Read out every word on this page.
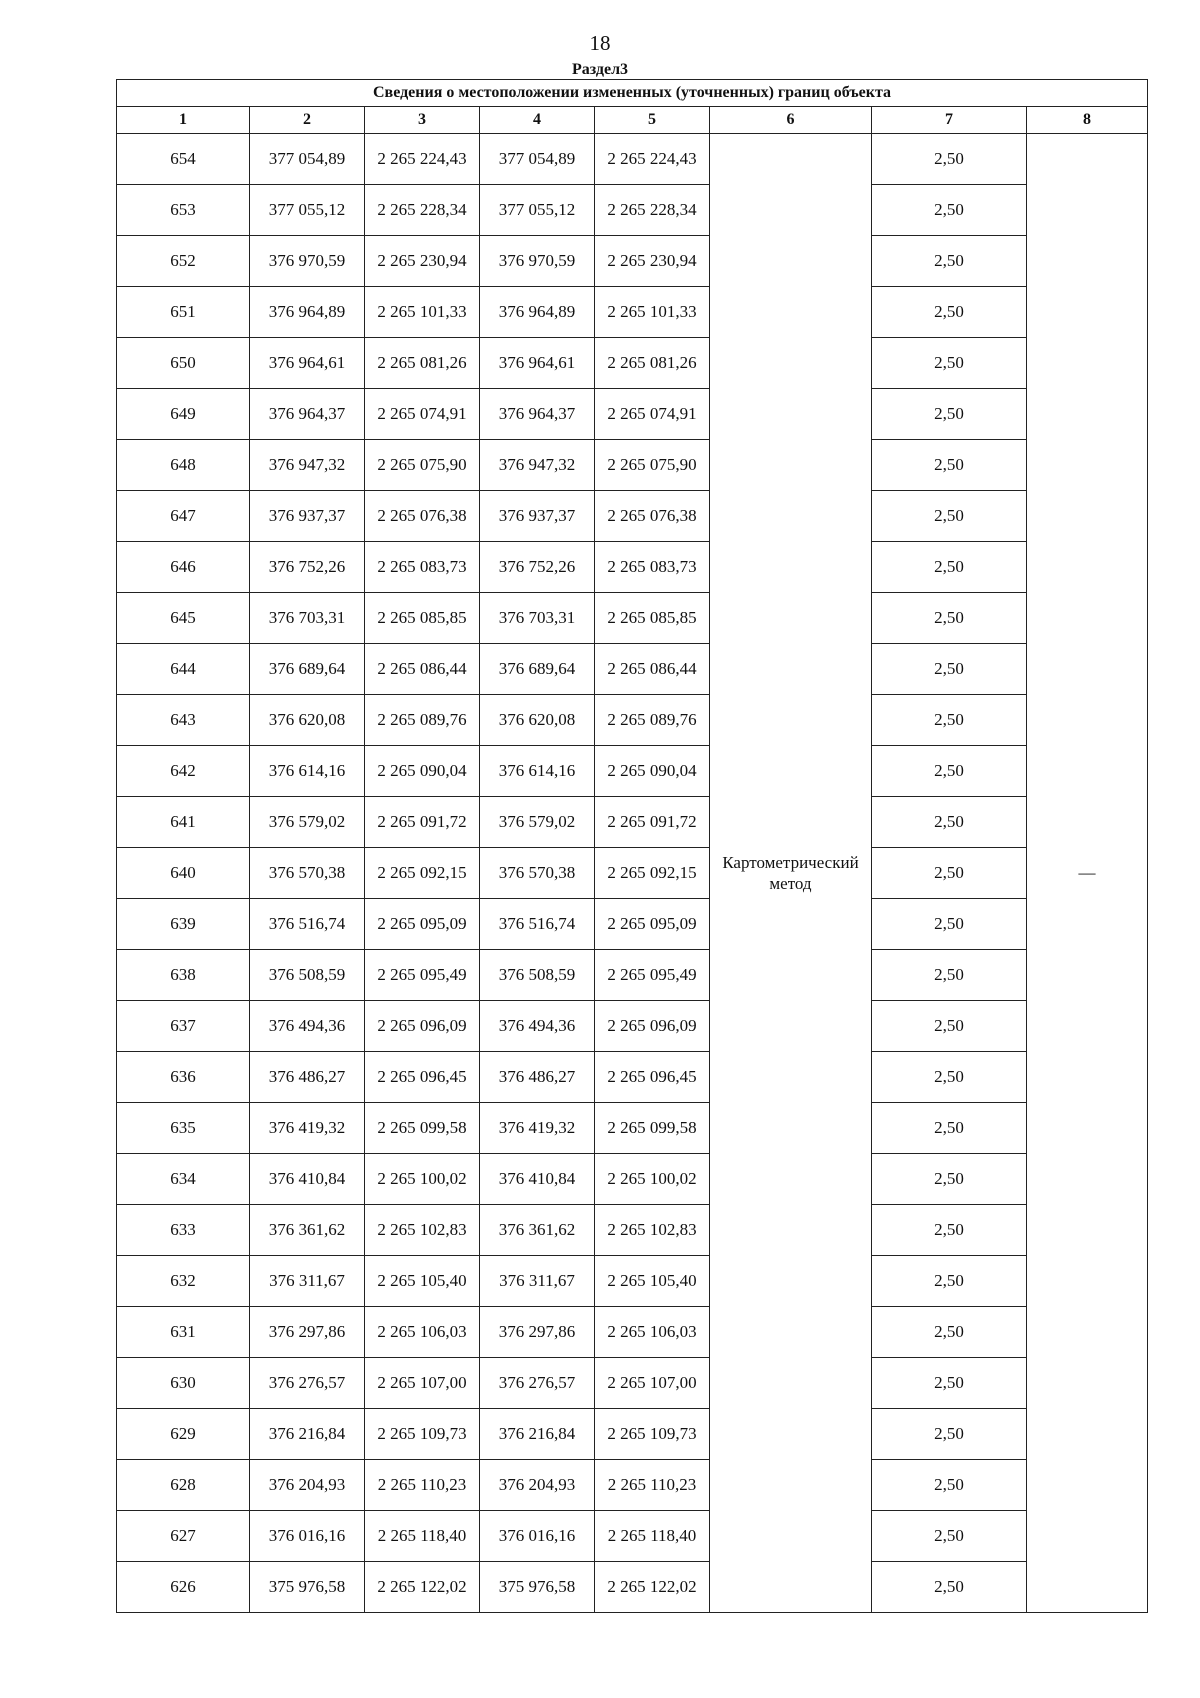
18
Раздел3
Сведения о местоположении измененных (уточненных) границ объекта							
1	2	3	4	5	6	7	8
654	377 054,89	2 265 224,43	377 054,89	2 265 224,43	Картометрический метод	2,50	—
653	377 055,12	2 265 228,34	377 055,12	2 265 228,34		2,50	
652	376 970,59	2 265 230,94	376 970,59	2 265 230,94		2,50	
651	376 964,89	2 265 101,33	376 964,89	2 265 101,33		2,50	
650	376 964,61	2 265 081,26	376 964,61	2 265 081,26		2,50	
649	376 964,37	2 265 074,91	376 964,37	2 265 074,91		2,50	
648	376 947,32	2 265 075,90	376 947,32	2 265 075,90		2,50	
647	376 937,37	2 265 076,38	376 937,37	2 265 076,38		2,50	
646	376 752,26	2 265 083,73	376 752,26	2 265 083,73		2,50	
645	376 703,31	2 265 085,85	376 703,31	2 265 085,85		2,50	
644	376 689,64	2 265 086,44	376 689,64	2 265 086,44		2,50	
643	376 620,08	2 265 089,76	376 620,08	2 265 089,76		2,50	
642	376 614,16	2 265 090,04	376 614,16	2 265 090,04		2,50	
641	376 579,02	2 265 091,72	376 579,02	2 265 091,72		2,50	
640	376 570,38	2 265 092,15	376 570,38	2 265 092,15		2,50	
639	376 516,74	2 265 095,09	376 516,74	2 265 095,09		2,50	
638	376 508,59	2 265 095,49	376 508,59	2 265 095,49		2,50	
637	376 494,36	2 265 096,09	376 494,36	2 265 096,09		2,50	
636	376 486,27	2 265 096,45	376 486,27	2 265 096,45		2,50	
635	376 419,32	2 265 099,58	376 419,32	2 265 099,58		2,50	
634	376 410,84	2 265 100,02	376 410,84	2 265 100,02		2,50	
633	376 361,62	2 265 102,83	376 361,62	2 265 102,83		2,50	
632	376 311,67	2 265 105,40	376 311,67	2 265 105,40		2,50	
631	376 297,86	2 265 106,03	376 297,86	2 265 106,03		2,50	
630	376 276,57	2 265 107,00	376 276,57	2 265 107,00		2,50	
629	376 216,84	2 265 109,73	376 216,84	2 265 109,73		2,50	
628	376 204,93	2 265 110,23	376 204,93	2 265 110,23		2,50	
627	376 016,16	2 265 118,40	376 016,16	2 265 118,40		2,50	
626	375 976,58	2 265 122,02	375 976,58	2 265 122,02		2,50	
